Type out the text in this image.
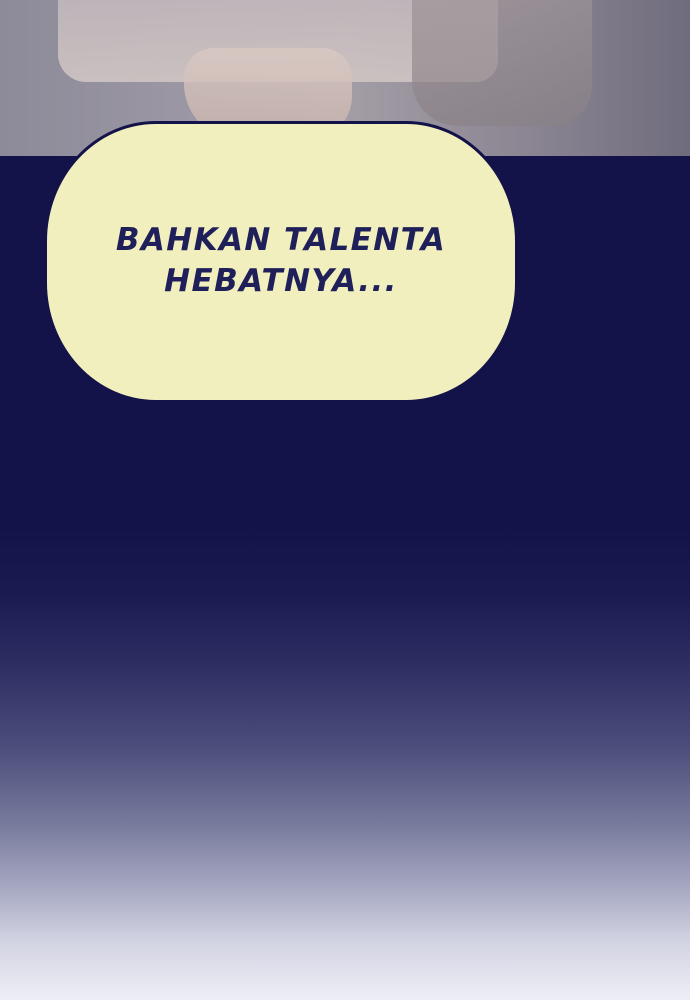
BAHKAN TALENTA
HEBATNYA...
